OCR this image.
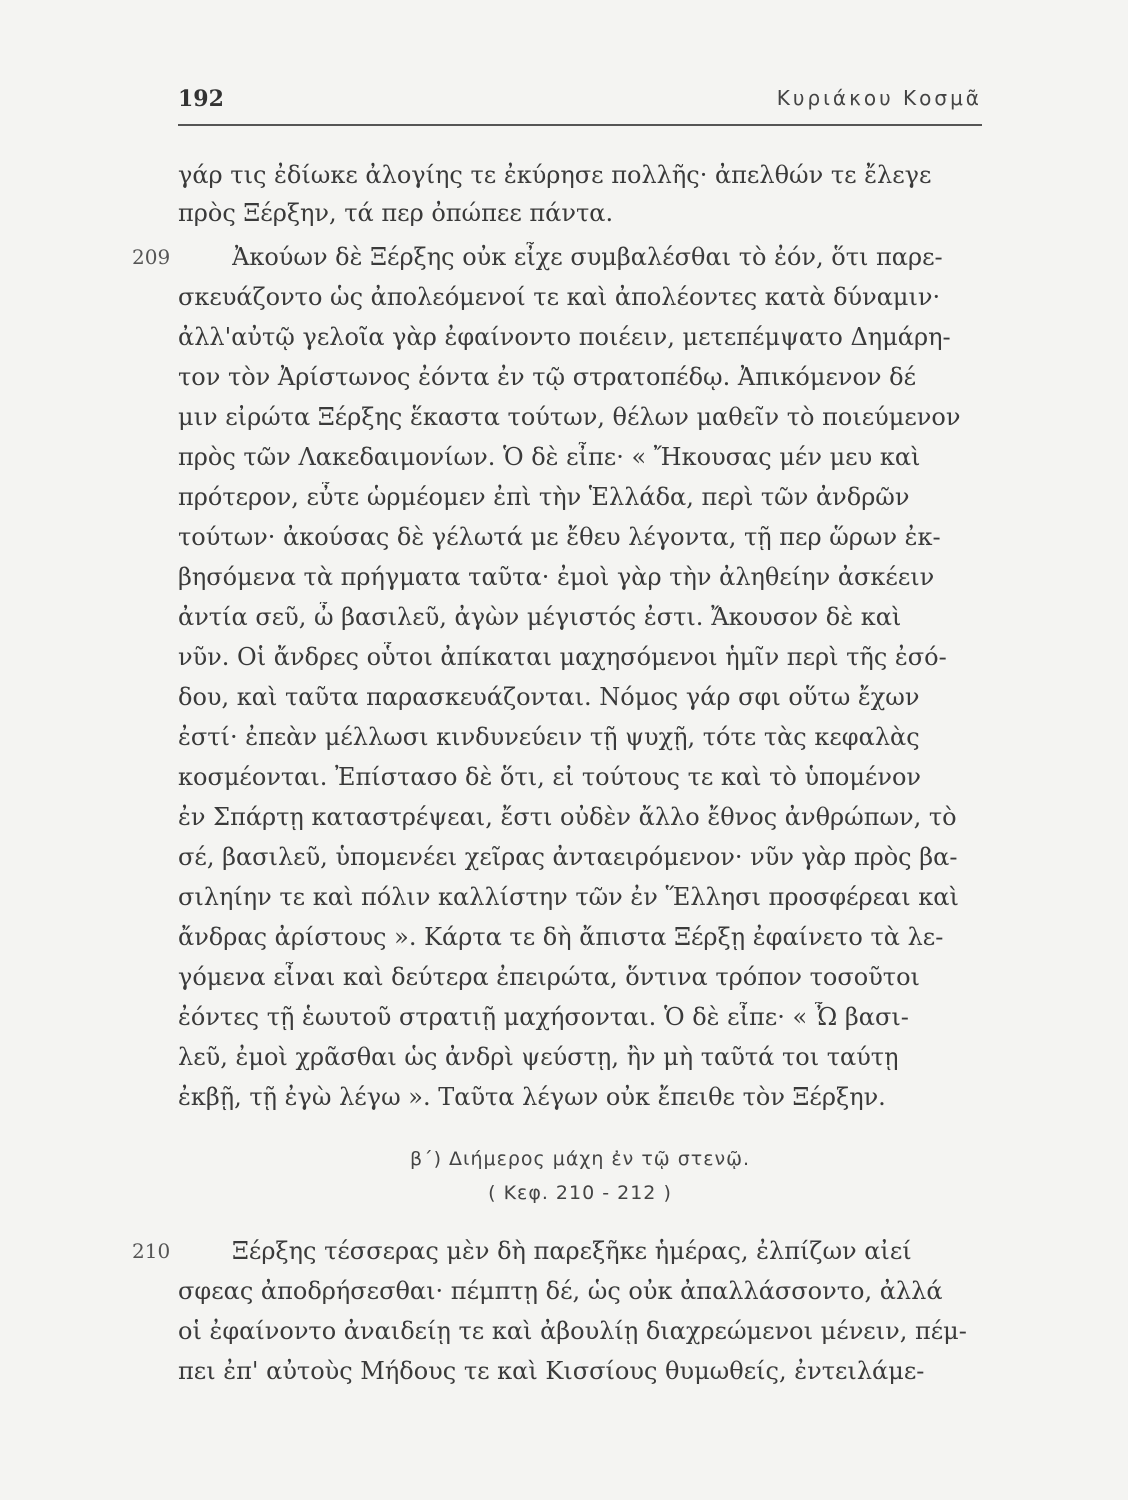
192	Κυριάκου Κοσμᾶ
γάρ τις ἐδίωκε ἀλογίης τε ἐκύρησε πολλῆς· ἀπελθών τε ἔλεγε
πρὸς Ξέρξην, τά περ ὀπώπεε πάντα.
209	Ἀκούων δὲ Ξέρξης οὐκ εἶχε συμβαλέσθαι τὸ ἐόν, ὅτι παρε-
σκευάζοντο ὡς ἀπολεόμενοί τε καὶ ἀπολέοντες κατὰ δύναμιν·
ἀλλ'αὐτῷ γελοῖα γὰρ ἐφαίνοντο ποιέειν, μετεπέμψατο Δημάρη-
τον τὸν Ἀρίστωνος ἐόντα ἐν τῷ στρατοπέδῳ. Ἀπικόμενον δέ
μιν εἰρώτα Ξέρξης ἕκαστα τούτων, θέλων μαθεῖν τὸ ποιεύμενον
πρὸς τῶν Λακεδαιμονίων. Ὁ δὲ εἶπε· « Ἤκουσας μέν μευ καὶ
πρότερον, εὖτε ὡρμέομεν ἐπὶ τὴν Ἑλλάδα, περὶ τῶν ἀνδρῶν
τούτων· ἀκούσας δὲ γέλωτά με ἔθευ λέγοντα, τῇ περ ὥρων ἐκ-
βησόμενα τὰ πρήγματα ταῦτα· ἐμοὶ γὰρ τὴν ἀληθείην ἀσκέειν
ἀντία σεῦ, ὦ βασιλεῦ, ἀγὼν μέγιστός ἐστι. Ἄκουσον δὲ καὶ
νῦν. Οἱ ἄνδρες οὗτοι ἀπίκαται μαχησόμενοι ἡμῖν περὶ τῆς ἐσό-
δου, καὶ ταῦτα παρασκευάζονται. Νόμος γάρ σφι οὕτω ἔχων
ἐστί· ἐπεὰν μέλλωσι κινδυνεύειν τῇ ψυχῇ, τότε τὰς κεφαλὰς
κοσμέονται. Ἐπίστασο δὲ ὅτι, εἰ τούτους τε καὶ τὸ ὑπομένον
ἐν Σπάρτῃ καταστρέψεαι, ἔστι οὐδὲν ἄλλο ἔθνος ἀνθρώπων, τὸ
σέ, βασιλεῦ, ὑπομενέει χεῖρας ἀνταειρόμενον· νῦν γὰρ πρὸς βα-
σιληίην τε καὶ πόλιν καλλίστην τῶν ἐν Ἕλλησι προσφέρεαι καὶ
ἄνδρας ἀρίστους ». Κάρτα τε δὴ ἄπιστα Ξέρξῃ ἐφαίνετο τὰ λε-
γόμενα εἶναι καὶ δεύτερα ἐπειρώτα, ὅντινα τρόπον τοσοῦτοι
ἐόντες τῇ ἑωυτοῦ στρατιῇ μαχήσονται. Ὁ δὲ εἶπε· « Ὦ βασι-
λεῦ, ἐμοὶ χρᾶσθαι ὡς ἀνδρὶ ψεύστῃ, ἢν μὴ ταῦτά τοι ταύτῃ
ἐκβῇ, τῇ ἐγὼ λέγω ». Ταῦτα λέγων οὐκ ἔπειθε τὸν Ξέρξην.
β΄) Διήμερος μάχη ἐν τῷ στενῷ.
( Κεφ. 210 - 212 )
210	Ξέρξης τέσσερας μὲν δὴ παρεξῆκε ἡμέρας, ἐλπίζων αἰεί
σφεας ἀποδρήσεσθαι· πέμπτῃ δέ, ὡς οὐκ ἀπαλλάσσοντο, ἀλλά
οἱ ἐφαίνοντο ἀναιδείῃ τε καὶ ἀβουλίῃ διαχρεώμενοι μένειν, πέμ-
πει ἐπ' αὐτοὺς Μήδους τε καὶ Κισσίους θυμωθείς, ἐντειλάμε-
